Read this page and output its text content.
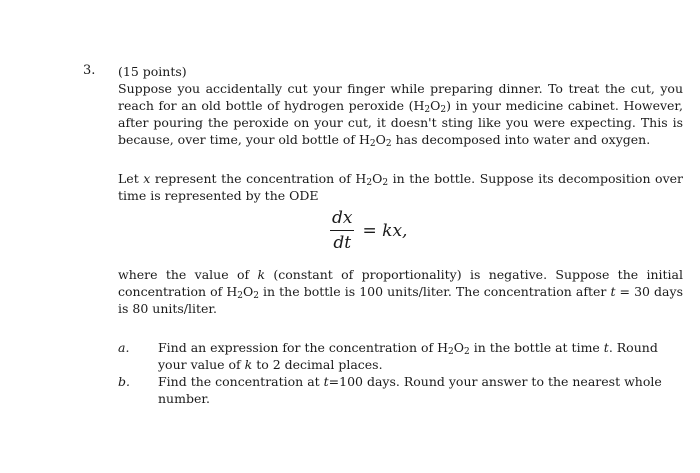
3. (15 points)
Suppose you accidentally cut your finger while preparing dinner. To treat the cut, you reach for an old bottle of hydrogen peroxide $(H_2O_2)$ in your medicine cabinet. However, after pouring the peroxide on your cut, it doesn't sting like you were expecting. This is because, over time, your old bottle of $H_2O_2$ has decomposed into water and oxygen.
Let x represent the concentration of $H_2O_2$ in the bottle. Suppose its decomposition over time is represented by the ODE
$\frac{dx}{dt}$ = kx,
where the value of k (constant of proportionality) is negative. Suppose the initial concentration of $H_2O_2$ in the bottle is 100 units/liter. The concentration after t = 30 days is 80 units/liter.
a. Find an expression for the concentration of $H_2O_2$ in the bottle at time t. Round your value of k to 2 decimal places.
b. Find the concentration at t=100 days. Round your answer to the nearest whole number.
